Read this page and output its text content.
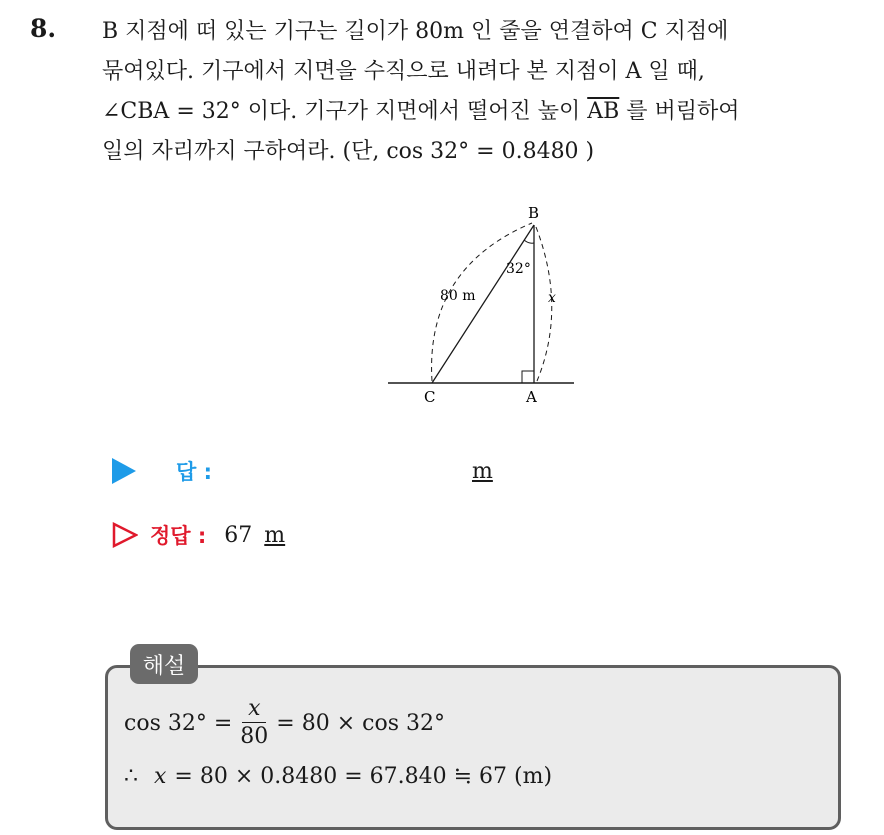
8. B 지점에 떠 있는 기구는 길이가 80m 인 줄을 연결하여 C 지점에
묶여있다. 기구에서 지면을 수직으로 내려다 본 지점이 A 일 때,
∠CBA = 32° 이다. 기구가 지면에서 떨어진 높이 $\overline{AB}$ 를 버림하여
일의 자리까지 구하여라. (단, cos 32° = 0.8480 )
B
C	A
32°
80 m	x
답 :	m
정답 : 67 m
해설
$\cos 32^\circ = \frac{x}{80} = 80 \times \cos 32^\circ$
∴ x = 80 × 0.8480 = 67.840 ≒ 67 (m)
